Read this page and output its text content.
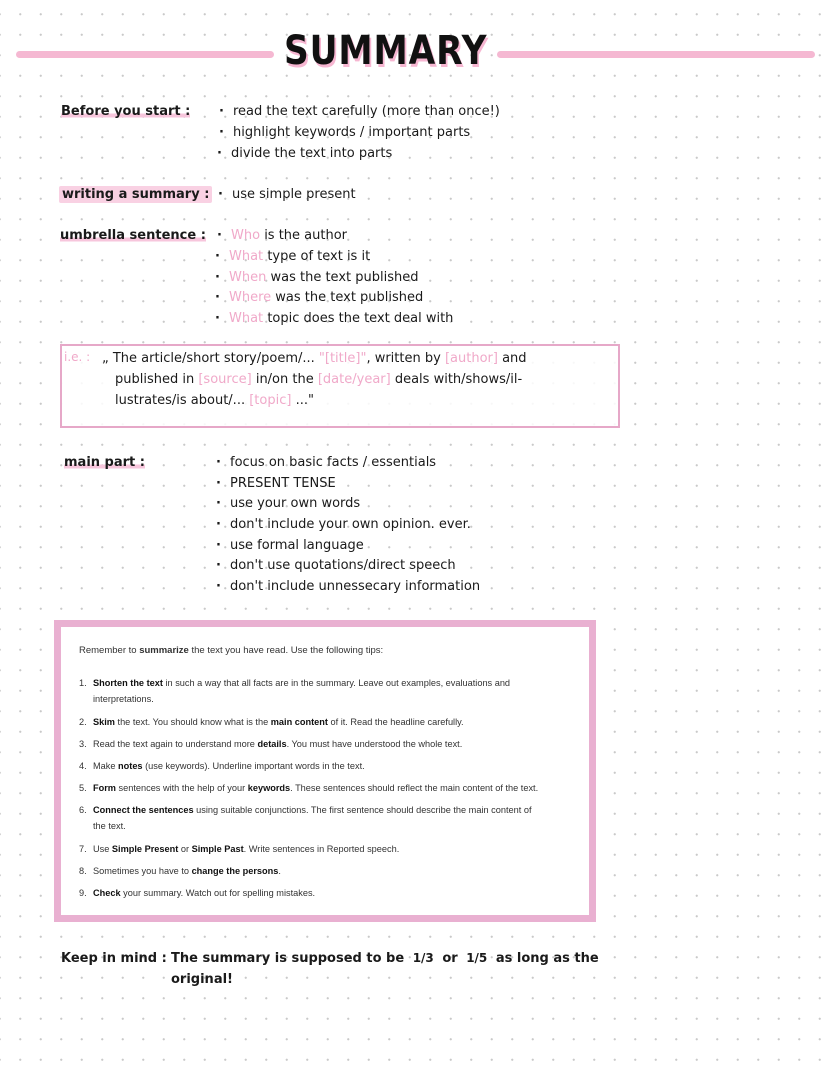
SUMMARY
Before you start :	· read the text carefully (more than once!)
· highlight keywords / important parts
· divide the text into parts
writing a summary : · use simple present
umbrella sentence : · Who is the author
· What type of text is it
· When was the text published
· Where was the text published
· What topic does the text deal with
i.e. : „ The article/short story/poem/... "[title]", written by [author] and
published in [source] in/on the [date/year] deals with/shows/il-
lustrates/is about/... [topic] ..."
main part :	· focus on basic facts / essentials
· PRESENT TENSE
· use your own words
· don't include your own opinion. ever.
· use formal language
· don't use quotations/direct speech
· don't include unnessecary information

Remember to summarize the text you have read. Use the following tips:

1. Shorten the text in such a way that all facts are in the summary. Leave out examples, evaluations and
interpretations.

2. Skim the text. You should know what is the main content of it. Read the headline carefully.

3. Read the text again to understand more details. You must have understood the whole text.

4. Make notes (use keywords). Underline important words in the text.

5. Form sentences with the help of your keywords. These sentences should reflect the main content of the text.

6. Connect the sentences using suitable conjunctions. The first sentence should describe the main content of
the text.

7. Use Simple Present or Simple Past. Write sentences in Reported speech.

8. Sometimes you have to change the persons.

9. Check your summary. Watch out for spelling mistakes.

Keep in mind : The summary is supposed to be 1/3 or 1/5 as long as the
original!
